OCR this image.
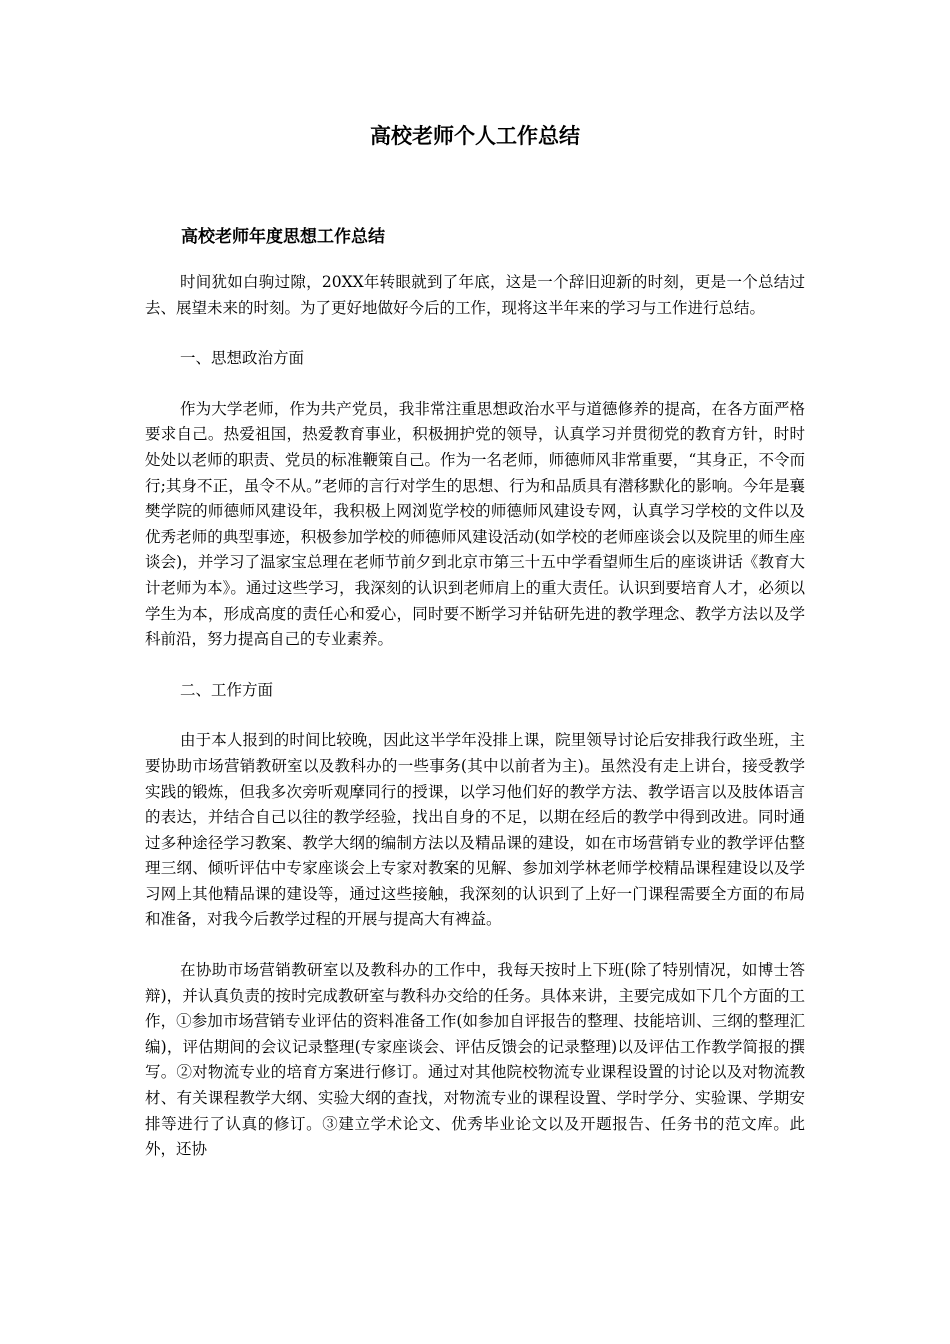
高校老师个人工作总结
高校老师年度思想工作总结

时间犹如白驹过隙，20XX年转眼就到了年底，这是一个辞旧迎新的时刻，更是一个总结过去、展望未来的时刻。为了更好地做好今后的工作，现将这半年来的学习与工作进行总结。

一、思想政治方面

作为大学老师，作为共产党员，我非常注重思想政治水平与道德修养的提高，在各方面严格要求自己。热爱祖国，热爱教育事业，积极拥护党的领导，认真学习并贯彻党的教育方针，时时处处以老师的职责、党员的标准鞭策自己。作为一名老师，师德师风非常重要，“其身正，不令而行;其身不正，虽令不从。”老师的言行对学生的思想、行为和品质具有潜移默化的影响。今年是襄樊学院的师德师风建设年，我积极上网浏览学校的师德师风建设专网，认真学习学校的文件以及优秀老师的典型事迹，积极参加学校的师德师风建设活动(如学校的老师座谈会以及院里的师生座谈会)，并学习了温家宝总理在老师节前夕到北京市第三十五中学看望师生后的座谈讲话《教育大计老师为本》。通过这些学习，我深刻的认识到老师肩上的重大责任。认识到要培育人才，必须以学生为本，形成高度的责任心和爱心，同时要不断学习并钻研先进的教学理念、教学方法以及学科前沿，努力提高自己的专业素养。

二、工作方面

由于本人报到的时间比较晚，因此这半学年没排上课，院里领导讨论后安排我行政坐班，主要协助市场营销教研室以及教科办的一些事务(其中以前者为主)。虽然没有走上讲台，接受教学实践的锻炼，但我多次旁听观摩同行的授课，以学习他们好的教学方法、教学语言以及肢体语言的表达，并结合自己以往的教学经验，找出自身的不足，以期在经后的教学中得到改进。同时通过多种途径学习教案、教学大纲的编制方法以及精品课的建设，如在市场营销专业的教学评估整理三纲、倾听评估中专家座谈会上专家对教案的见解、参加刘学林老师学校精品课程建设以及学习网上其他精品课的建设等，通过这些接触，我深刻的认识到了上好一门课程需要全方面的布局和准备，对我今后教学过程的开展与提高大有裨益。

在协助市场营销教研室以及教科办的工作中，我每天按时上下班(除了特别情况，如博士答辩)，并认真负责的按时完成教研室与教科办交给的任务。具体来讲，主要完成如下几个方面的工作，①参加市场营销专业评估的资料准备工作(如参加自评报告的整理、技能培训、三纲的整理汇编)，评估期间的会议记录整理(专家座谈会、评估反馈会的记录整理)以及评估工作教学简报的撰写。②对物流专业的培育方案进行修订。通过对其他院校物流专业课程设置的讨论以及对物流教材、有关课程教学大纲、实验大纲的查找，对物流专业的课程设置、学时学分、实验课、学期安排等进行了认真的修订。③建立学术论文、优秀毕业论文以及开题报告、任务书的范文库。此外，还协
